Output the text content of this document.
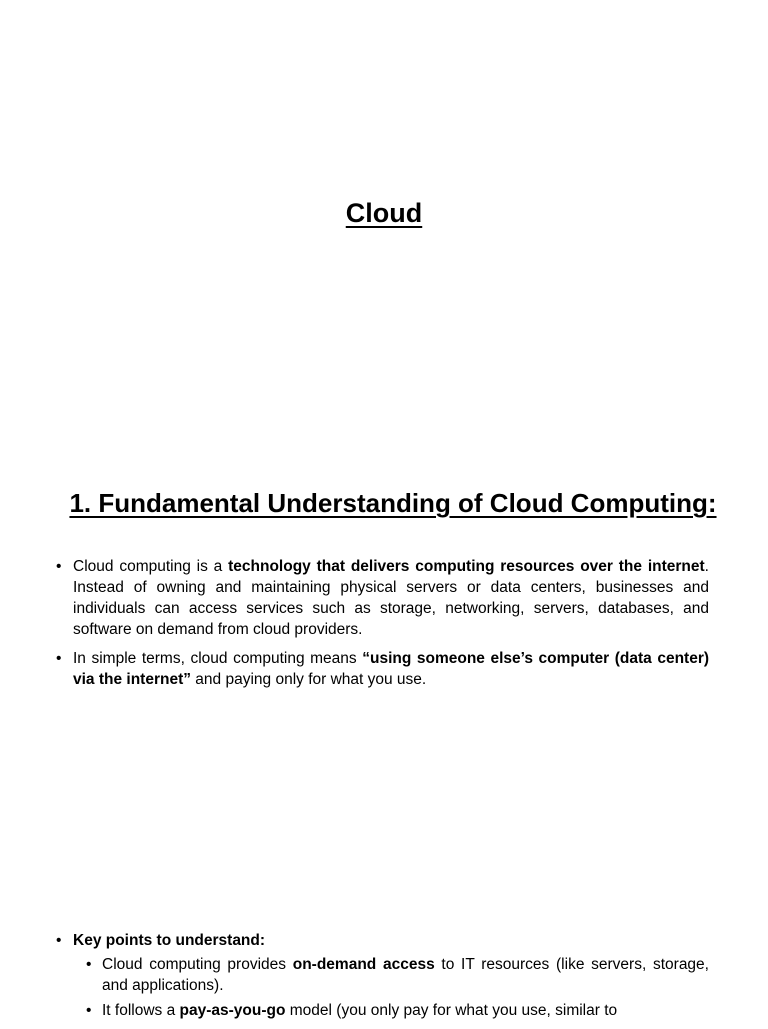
Cloud
1. Fundamental Understanding of Cloud Computing:
• Cloud computing is a technology that delivers computing resources over the internet. Instead of owning and maintaining physical servers or data centers, businesses and individuals can access services such as storage, networking, servers, databases, and software on demand from cloud providers.
• In simple terms, cloud computing means “using someone else’s computer (data center) via the internet” and paying only for what you use.
• Key points to understand:
• Cloud computing provides on-demand access to IT resources (like servers, storage, and applications).
• It follows a pay-as-you-go model (you only pay for what you use, similar to
